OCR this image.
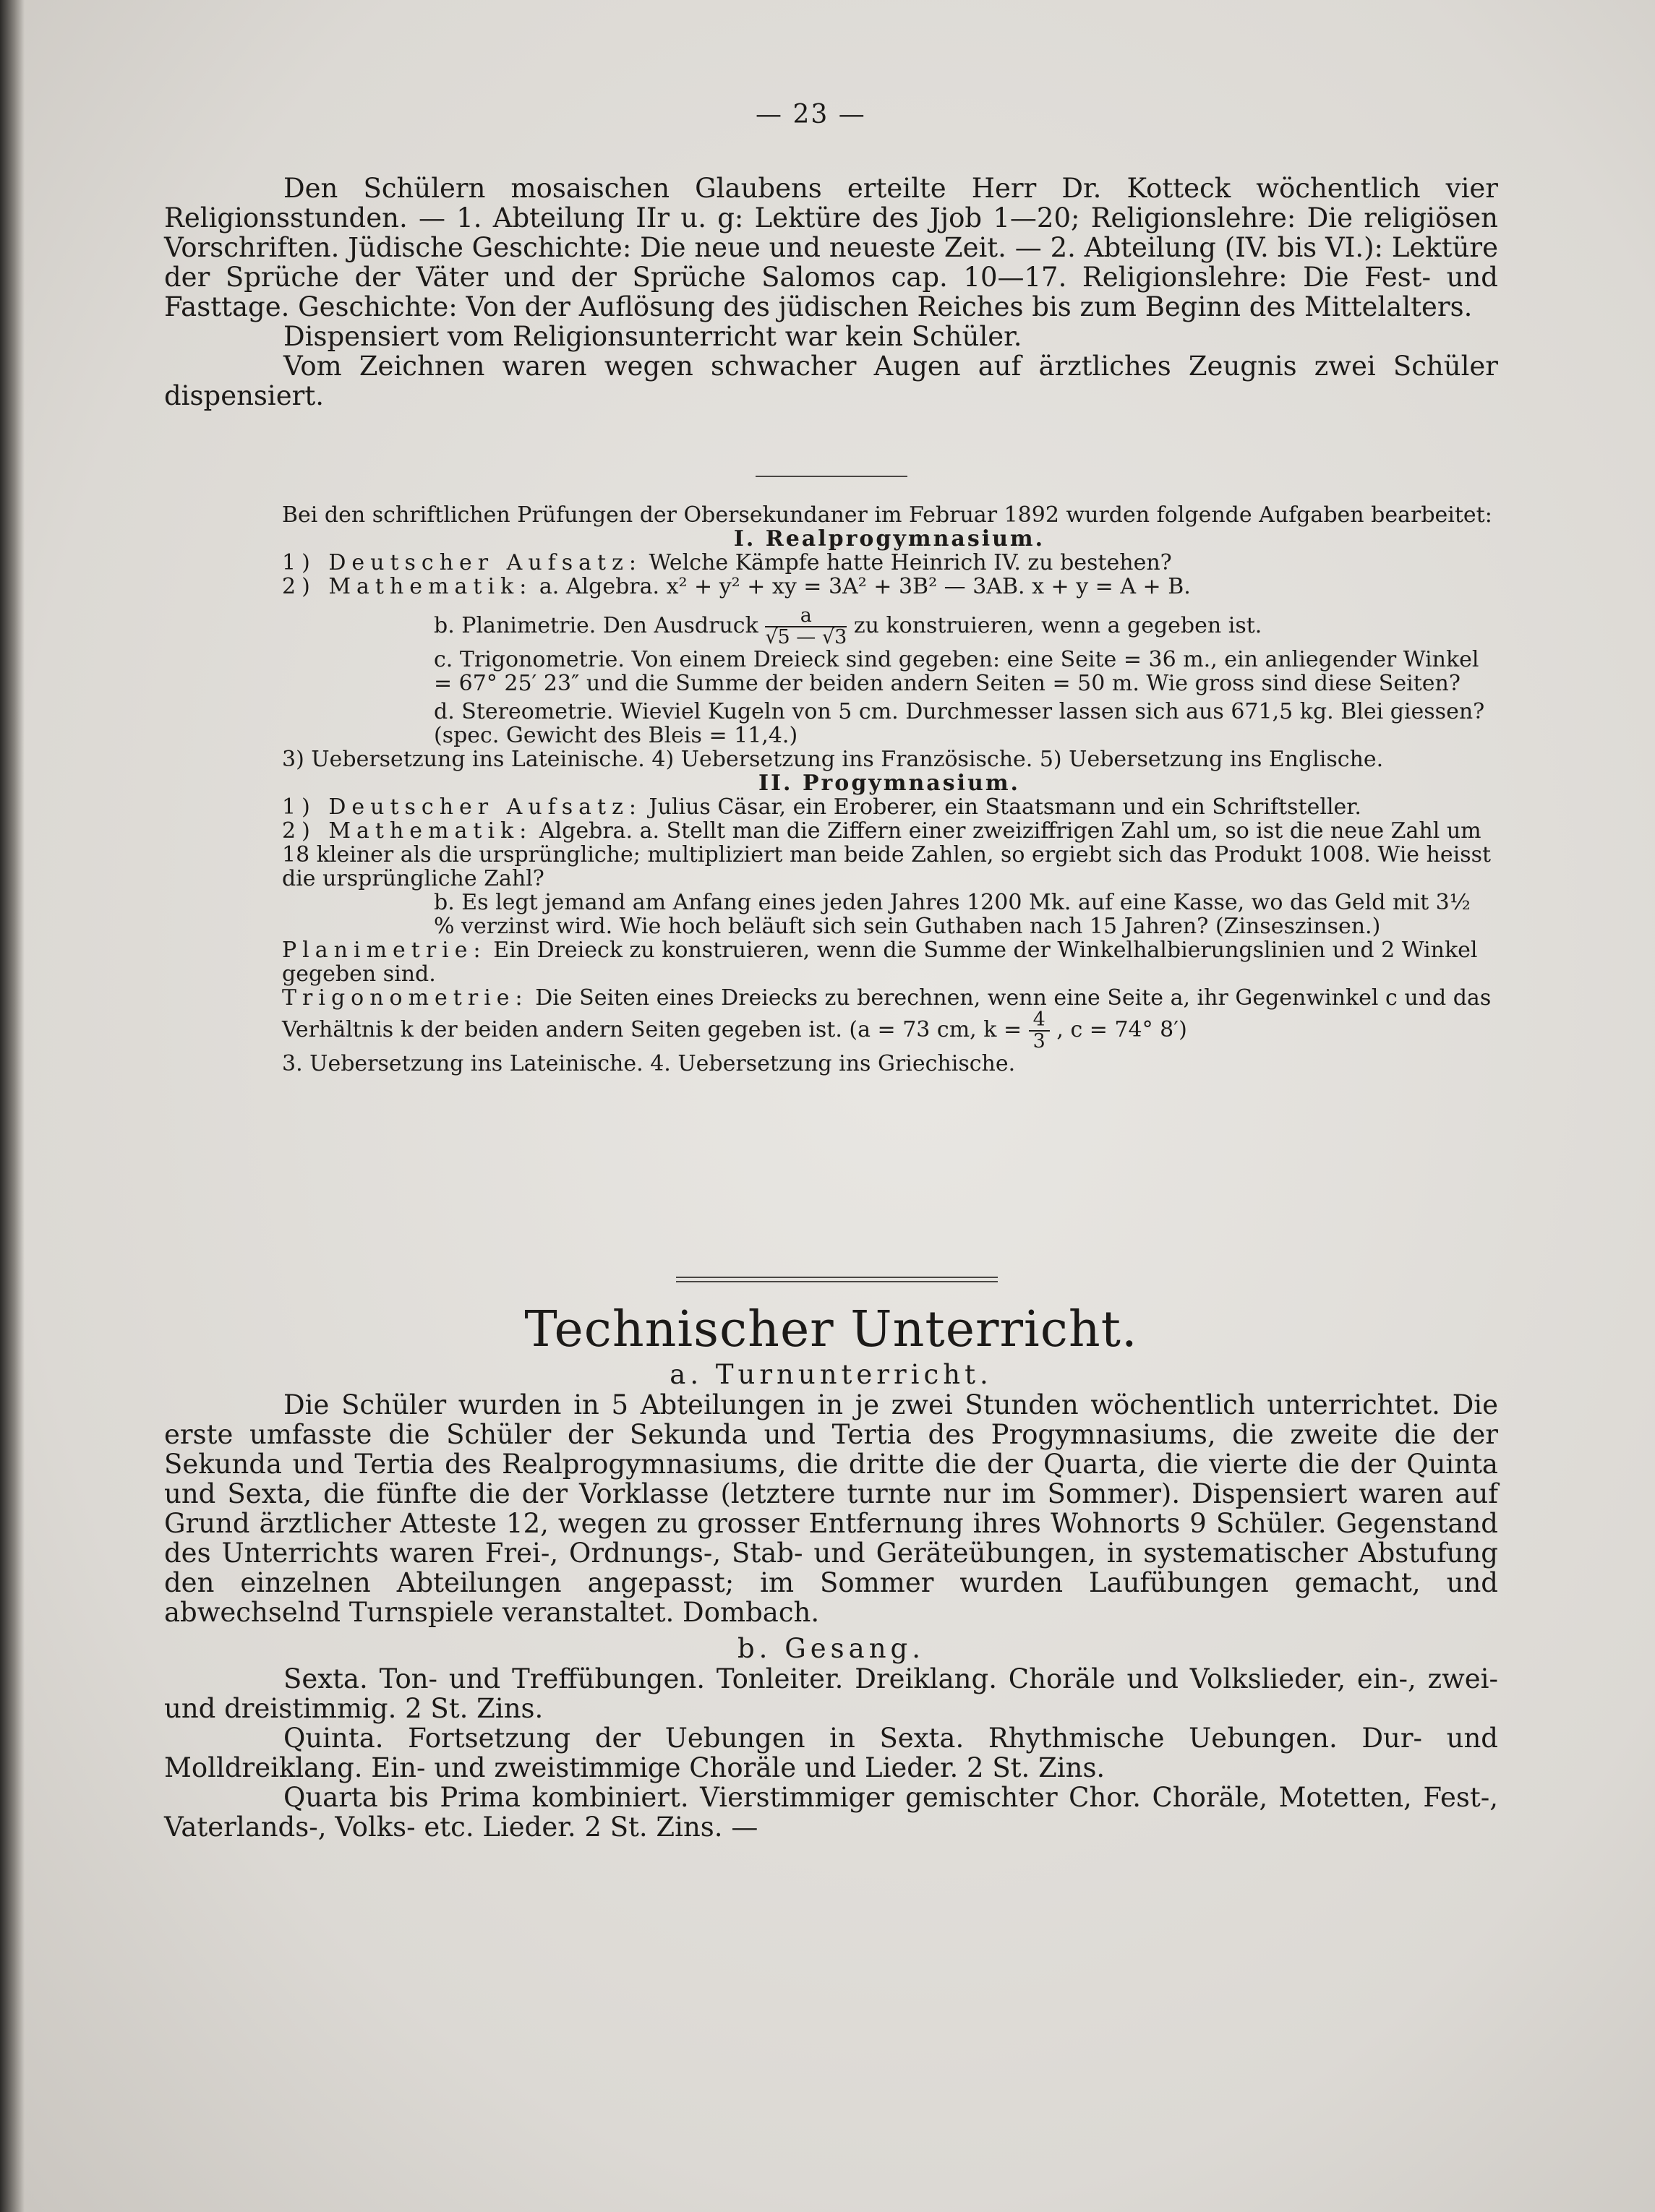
— 23 —

Den Schülern mosaischen Glaubens erteilte Herr Dr. Kotteck wöchentlich vier Religionsstunden. — 1. Abteilung IIr u. g: Lektüre des Jjob 1—20; Religionslehre: Die religiösen Vorschriften. Jüdische Geschichte: Die neue und neueste Zeit. — 2. Abteilung (IV. bis VI.): Lektüre der Sprüche der Väter und der Sprüche Salomos cap. 10—17. Religionslehre: Die Fest- und Fasttage. Geschichte: Von der Auflösung des jüdischen Reiches bis zum Beginn des Mittelalters.

Dispensiert vom Religionsunterricht war kein Schüler.

Vom Zeichnen waren wegen schwacher Augen auf ärztliches Zeugnis zwei Schüler dispensiert.

Bei den schriftlichen Prüfungen der Obersekundaner im Februar 1892 wurden folgende Aufgaben bearbeitet:

I. Realprogymnasium.

1) Deutscher Aufsatz: Welche Kämpfe hatte Heinrich IV. zu bestehen?

2) Mathematik: a. Algebra. x² + y² + xy = 3A² + 3B² — 3AB. x + y = A + B.

b. Planimetrie. Den Ausdruck $\frac{a}{√5 — √3}$ zu konstruieren, wenn a gegeben ist.

c. Trigonometrie. Von einem Dreieck sind gegeben: eine Seite = 36 m., ein anliegender Winkel = 67° 25′ 23″ und die Summe der beiden andern Seiten = 50 m. Wie gross sind diese Seiten?

d. Stereometrie. Wieviel Kugeln von 5 cm. Durchmesser lassen sich aus 671,5 kg. Blei giessen? (spec. Gewicht des Bleis = 11,4.)

3) Uebersetzung ins Lateinische. 4) Uebersetzung ins Französische. 5) Uebersetzung ins Englische.

II. Progymnasium.

1) Deutscher Aufsatz: Julius Cäsar, ein Eroberer, ein Staatsmann und ein Schriftsteller.

2) Mathematik: Algebra. a. Stellt man die Ziffern einer zweiziffrigen Zahl um, so ist die neue Zahl um 18 kleiner als die ursprüngliche; multipliziert man beide Zahlen, so ergiebt sich das Produkt 1008. Wie heisst die ursprüngliche Zahl?

b. Es legt jemand am Anfang eines jeden Jahres 1200 Mk. auf eine Kasse, wo das Geld mit 3½ % verzinst wird. Wie hoch beläuft sich sein Guthaben nach 15 Jahren? (Zinseszinsen.)

Planimetrie: Ein Dreieck zu konstruieren, wenn die Summe der Winkelhalbierungslinien und 2 Winkel gegeben sind.

Trigonometrie: Die Seiten eines Dreiecks zu berechnen, wenn eine Seite a, ihr Gegenwinkel c und das Verhältnis k der beiden andern Seiten gegeben ist. (a = 73 cm, $k = \frac{4}{3}$ , c = 74° 8′)

3. Uebersetzung ins Lateinische. 4. Uebersetzung ins Griechische.

Technischer Unterricht.

a. Turnunterricht.

Die Schüler wurden in 5 Abteilungen in je zwei Stunden wöchentlich unterrichtet. Die erste umfasste die Schüler der Sekunda und Tertia des Progymnasiums, die zweite die der Sekunda und Tertia des Realprogymnasiums, die dritte die der Quarta, die vierte die der Quinta und Sexta, die fünfte die der Vorklasse (letztere turnte nur im Sommer). Dispensiert waren auf Grund ärztlicher Atteste 12, wegen zu grosser Entfernung ihres Wohnorts 9 Schüler. Gegenstand des Unterrichts waren Frei-, Ordnungs-, Stab- und Geräteübungen, in systematischer Abstufung den einzelnen Abteilungen angepasst; im Sommer wurden Laufübungen gemacht, und abwechselnd Turnspiele veranstaltet. Dombach.

b. Gesang.

Sexta. Ton- und Treffübungen. Tonleiter. Dreiklang. Choräle und Volkslieder, ein-, zwei- und dreistimmig. 2 St. Zins.

Quinta. Fortsetzung der Uebungen in Sexta. Rhythmische Uebungen. Dur- und Molldreiklang. Ein- und zweistimmige Choräle und Lieder. 2 St. Zins.

Quarta bis Prima kombiniert. Vierstimmiger gemischter Chor. Choräle, Motetten, Fest-, Vaterlands-, Volks- etc. Lieder. 2 St. Zins. —
